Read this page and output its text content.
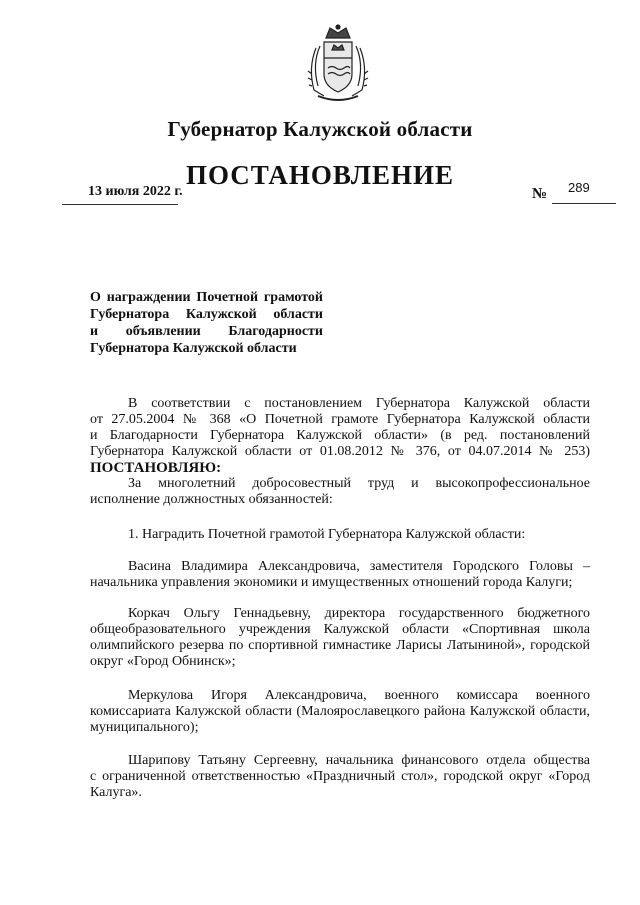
Губернатор Калужской области
ПОСТАНОВЛЕНИЕ
13 июля 2022 г.	№ 289
О награждении Почетной грамотой
Губернатора Калужской области
и объявлении Благодарности
Губернатора Калужской области
В соответствии с постановлением Губернатора Калужской области
от 27.05.2004 № 368 «О Почетной грамоте Губернатора Калужской области
и Благодарности Губернатора Калужской области» (в ред. постановлений
Губернатора Калужской области от 01.08.2012 № 376, от 04.07.2014 № 253)
ПОСТАНОВЛЯЮ:
За многолетний добросовестный труд и высокопрофессиональное
исполнение должностных обязанностей:
1. Наградить Почетной грамотой Губернатора Калужской области:
Васина Владимира Александровича, заместителя Городского Головы –
начальника управления экономики и имущественных отношений города Калуги;
Коркач Ольгу Геннадьевну, директора государственного бюджетного
общеобразовательного учреждения Калужской области «Спортивная школа
олимпийского резерва по спортивной гимнастике Ларисы Латыниной», городской
округ «Город Обнинск»;
Меркулова Игоря Александровича, военного комиссара военного
комиссариата Калужской области (Малоярославецкого района Калужской области,
муниципального);
Шарипову Татьяну Сергеевну, начальника финансового отдела общества
с ограниченной ответственностью «Праздничный стол», городской округ «Город
Калуга».
